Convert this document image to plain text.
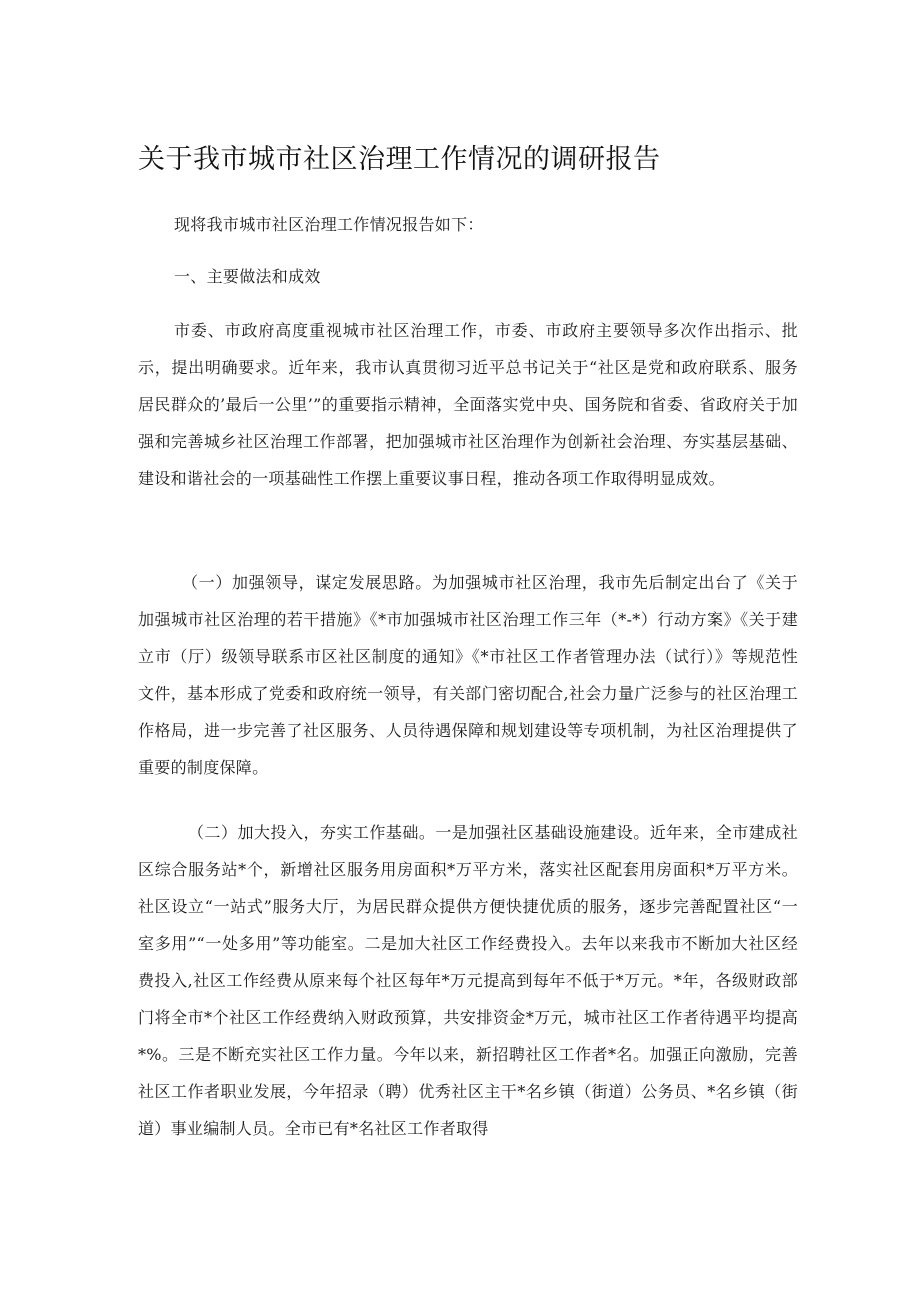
关于我市城市社区治理工作情况的调研报告
现将我市城市社区治理工作情况报告如下：
一、主要做法和成效
市委、市政府高度重视城市社区治理工作，市委、市政府主要领导多次作出指示、批示，提出明确要求。近年来，我市认真贯彻习近平总书记关于“社区是党和政府联系、服务居民群众的’最后一公里’”的重要指示精神，全面落实党中央、国务院和省委、省政府关于加强和完善城乡社区治理工作部署，把加强城市社区治理作为创新社会治理、夯实基层基础、建设和谐社会的一项基础性工作摆上重要议事日程，推动各项工作取得明显成效。
（一）加强领导，谋定发展思路。为加强城市社区治理，我市先后制定出台了《关于加强城市社区治理的若干措施》《*市加强城市社区治理工作三年（*-*）行动方案》《关于建立市（厅）级领导联系市区社区制度的通知》《*市社区工作者管理办法（试行）》等规范性文件，基本形成了党委和政府统一领导，有关部门密切配合,社会力量广泛参与的社区治理工作格局，进一步完善了社区服务、人员待遇保障和规划建设等专项机制，为社区治理提供了重要的制度保障。
（二）加大投入，夯实工作基础。一是加强社区基础设施建设。近年来，全市建成社区综合服务站*个，新增社区服务用房面积*万平方米，落实社区配套用房面积*万平方米。社区设立“一站式”服务大厅，为居民群众提供方便快捷优质的服务，逐步完善配置社区“一室多用”“一处多用”等功能室。二是加大社区工作经费投入。去年以来我市不断加大社区经费投入,社区工作经费从原来每个社区每年*万元提高到每年不低于*万元。*年，各级财政部门将全市*个社区工作经费纳入财政预算，共安排资金*万元，城市社区工作者待遇平均提高*%。三是不断充实社区工作力量。今年以来，新招聘社区工作者*名。加强正向激励，完善社区工作者职业发展，今年招录（聘）优秀社区主干*名乡镇（街道）公务员、*名乡镇（街道）事业编制人员。全市已有*名社区工作者取得
